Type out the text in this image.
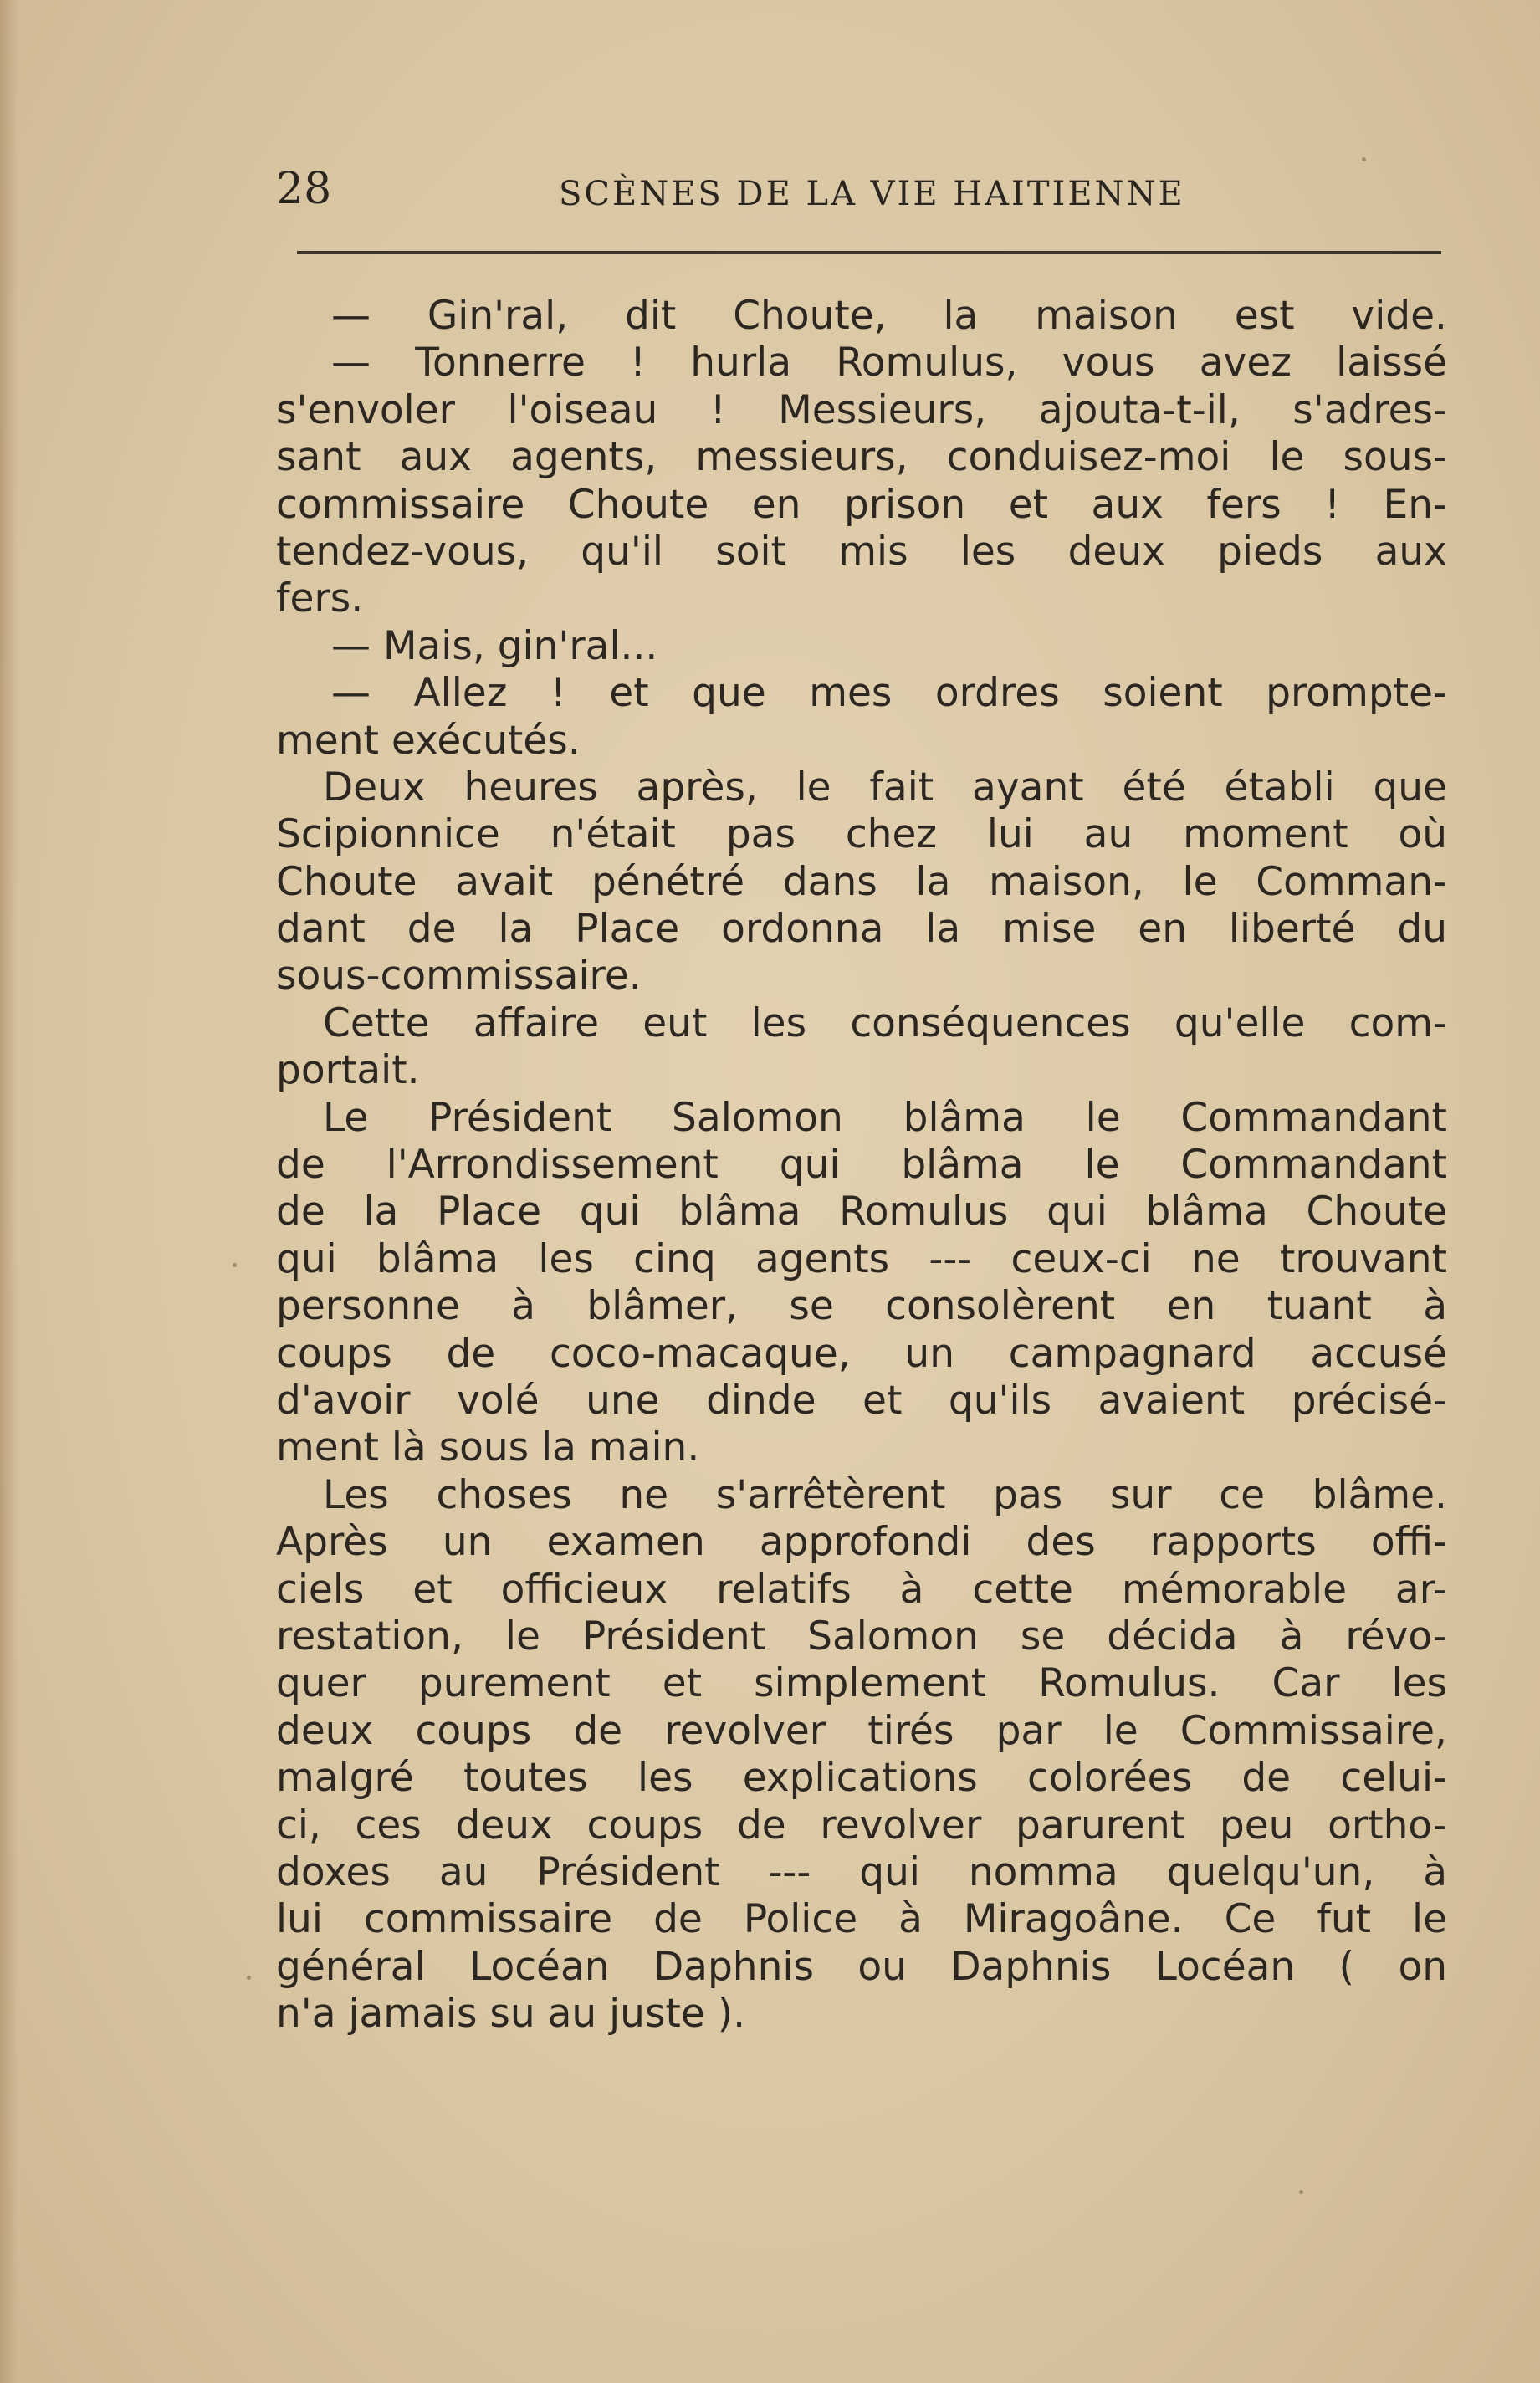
28	SCÈNES DE LA VIE HAITIENNE
— Gin'ral, dit Choute, la maison est vide.
— Tonnerre ! hurla Romulus, vous avez laissé
s'envoler l'oiseau ! Messieurs, ajouta-t-il, s'adres-
sant aux agents, messieurs, conduisez-moi le sous-
commissaire Choute en prison et aux fers ! En-
tendez-vous, qu'il soit mis les deux pieds aux
fers.
— Mais, gin'ral...
— Allez ! et que mes ordres soient prompte-
ment exécutés.
Deux heures après, le fait ayant été établi que
Scipionnice n'était pas chez lui au moment où
Choute avait pénétré dans la maison, le Comman-
dant de la Place ordonna la mise en liberté du
sous-commissaire.
Cette affaire eut les conséquences qu'elle com-
portait.
Le Président Salomon blâma le Commandant
de l'Arrondissement qui blâma le Commandant
de la Place qui blâma Romulus qui blâma Choute
qui blâma les cinq agents --- ceux-ci ne trouvant
personne à blâmer, se consolèrent en tuant à
coups de coco-macaque, un campagnard accusé
d'avoir volé une dinde et qu'ils avaient précisé-
ment là sous la main.
Les choses ne s'arrêtèrent pas sur ce blâme.
Après un examen approfondi des rapports offi-
ciels et officieux relatifs à cette mémorable ar-
restation, le Président Salomon se décida à révo-
quer purement et simplement Romulus. Car les
deux coups de revolver tirés par le Commissaire,
malgré toutes les explications colorées de celui-
ci, ces deux coups de revolver parurent peu ortho-
doxes au Président --- qui nomma quelqu'un, à
lui commissaire de Police à Miragoâne. Ce fut le
général Locéan Daphnis ou Daphnis Locéan ( on
n'a jamais su au juste ).
